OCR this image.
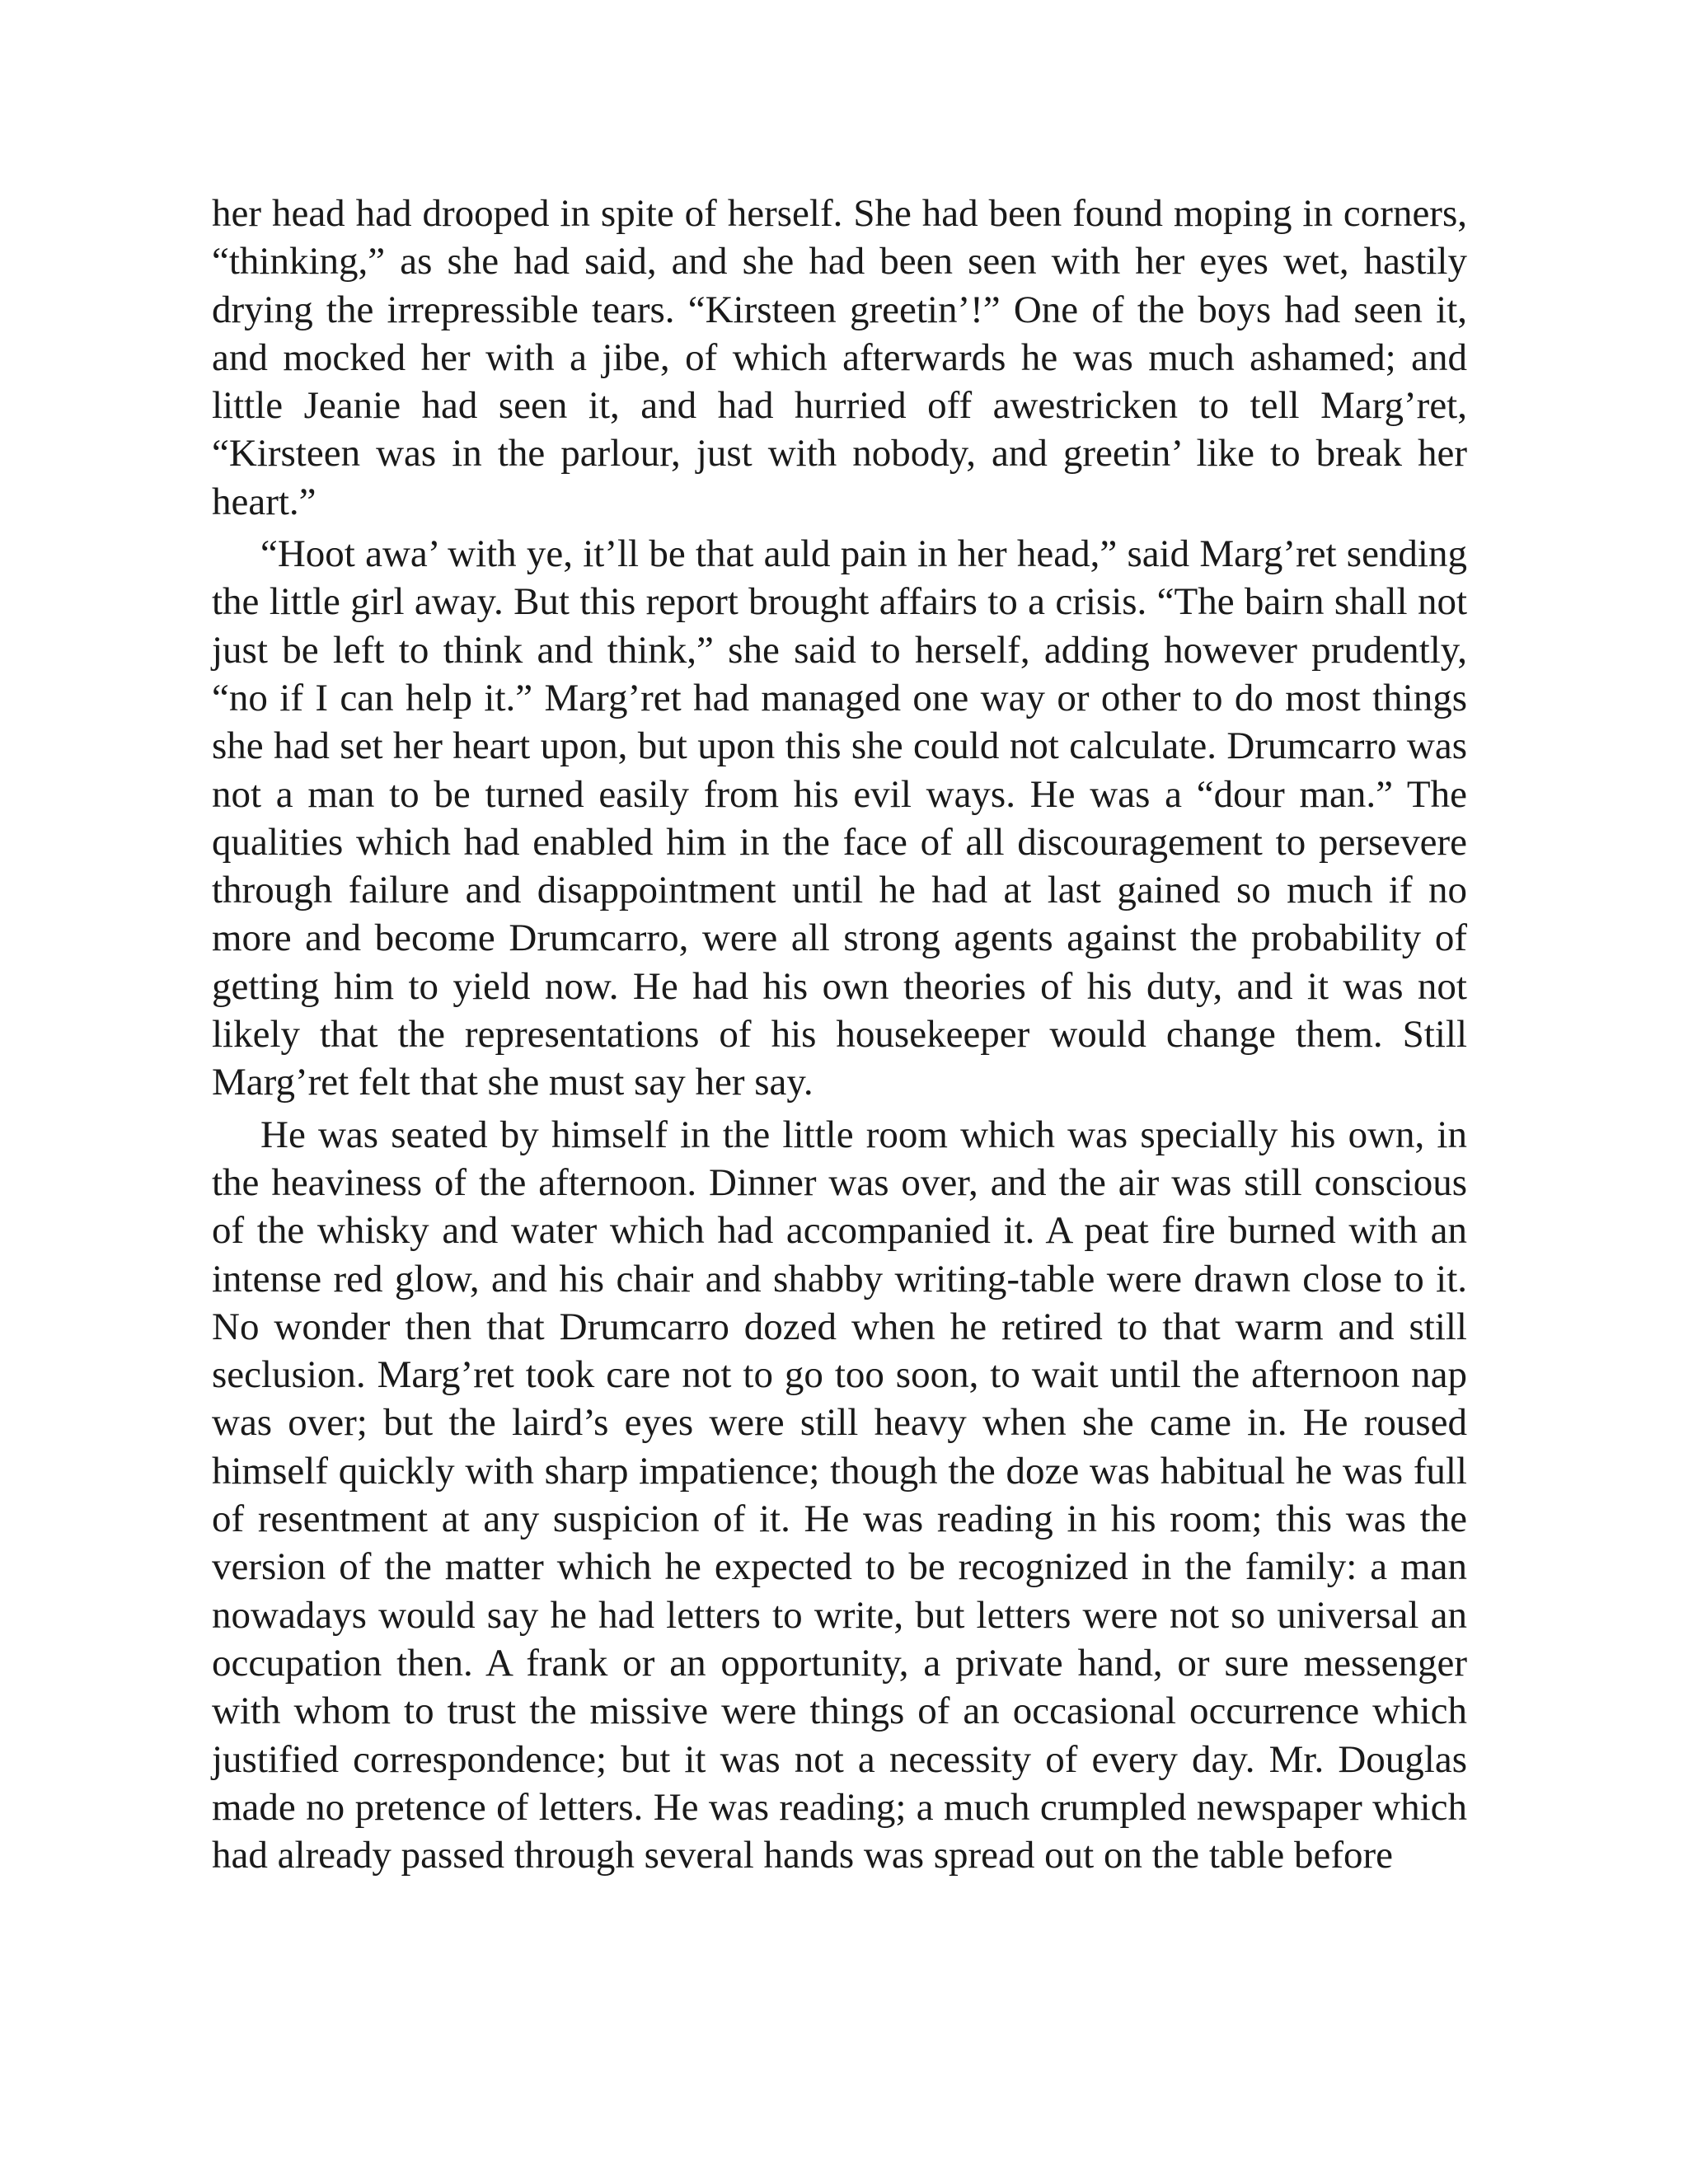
her head had drooped in spite of herself. She had been found moping in corners, “thinking,” as she had said, and she had been seen with her eyes wet, hastily drying the irrepressible tears. “Kirsteen greetin’!” One of the boys had seen it, and mocked her with a jibe, of which afterwards he was much ashamed; and little Jeanie had seen it, and had hurried off awestricken to tell Marg’ret, “Kirsteen was in the parlour, just with nobody, and greetin’ like to break her heart.”

“Hoot awa’ with ye, it’ll be that auld pain in her head,” said Marg’ret sending the little girl away. But this report brought affairs to a crisis. “The bairn shall not just be left to think and think,” she said to herself, adding however prudently, “no if I can help it.” Marg’ret had managed one way or other to do most things she had set her heart upon, but upon this she could not calculate. Drumcarro was not a man to be turned easily from his evil ways. He was a “dour man.” The qualities which had enabled him in the face of all discouragement to persevere through failure and disappointment until he had at last gained so much if no more and become Drumcarro, were all strong agents against the probability of getting him to yield now. He had his own theories of his duty, and it was not likely that the representations of his housekeeper would change them. Still Marg’ret felt that she must say her say.

He was seated by himself in the little room which was specially his own, in the heaviness of the afternoon. Dinner was over, and the air was still conscious of the whisky and water which had accompanied it. A peat fire burned with an intense red glow, and his chair and shabby writing-table were drawn close to it. No wonder then that Drumcarro dozed when he retired to that warm and still seclusion. Marg’ret took care not to go too soon, to wait until the afternoon nap was over; but the laird’s eyes were still heavy when she came in. He roused himself quickly with sharp impatience; though the doze was habitual he was full of resentment at any suspicion of it. He was reading in his room; this was the version of the matter which he expected to be recognized in the family: a man nowadays would say he had letters to write, but letters were not so universal an occupation then. A frank or an opportunity, a private hand, or sure messenger with whom to trust the missive were things of an occasional occurrence which justified correspondence; but it was not a necessity of every day. Mr. Douglas made no pretence of letters. He was reading; a much crumpled newspaper which had already passed through several hands was spread out on the table before
